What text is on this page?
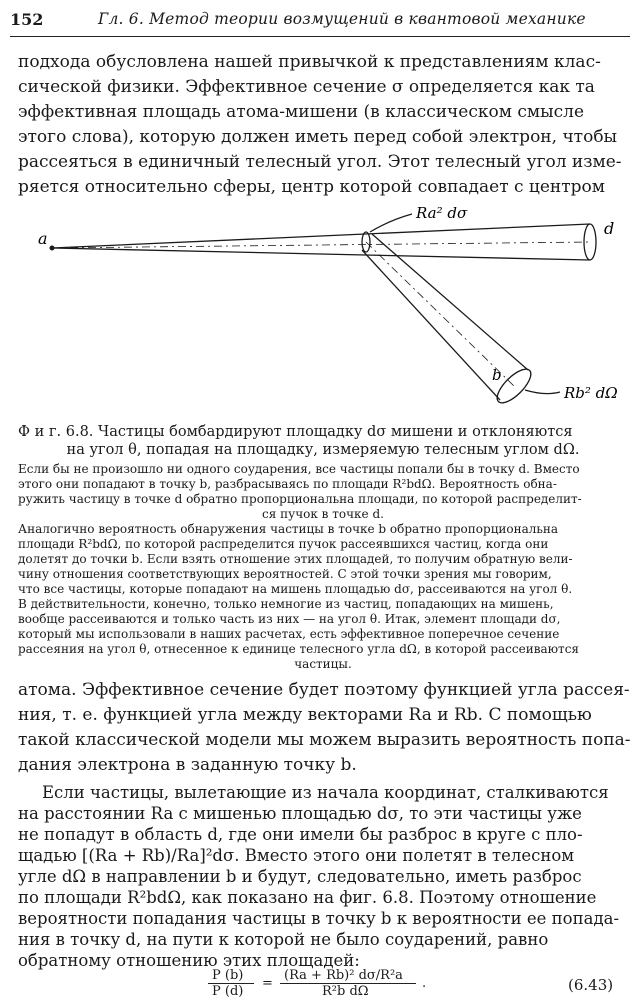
152	Гл. 6. Метод теории возмущений в квантовой механике
подхода обусловлена нашей привычкой к представлениям клас-
сической физики. Эффективное сечение σ определяется как та
эффективная площадь атома-мишени (в классическом смысле
этого слова), которую должен иметь перед собой электрон, чтобы
рассеяться в единичный телесный угол. Этот телесный угол изме-
ряется относительно сферы, центр которой совпадает с центром
a
d
b
Ra² dσ
Rb² dΩ
Ф и г. 6.8. Частицы бомбардируют площадку dσ мишени и отклоняются
на угол θ, попадая на площадку, измеряемую телесным углом dΩ.
Если бы не произошло ни одного соударения, все частицы попали бы в точку d. Вместо
этого они попадают в точку b, разбрасываясь по площади R²bdΩ. Вероятность обна-
ружить частицу в точке d обратно пропорциональна площади, по которой распределит-
ся пучок в точке d.
Аналогично вероятность обнаружения частицы в точке b обратно пропорциональна
площади R²bdΩ, по которой распределится пучок рассеявшихся частиц, когда они
долетят до точки b. Если взять отношение этих площадей, то получим обратную вели-
чину отношения соответствующих вероятностей. С этой точки зрения мы говорим,
что все частицы, которые попадают на мишень площадью dσ, рассеиваются на угол θ.
В действительности, конечно, только немногие из частиц, попадающих на мишень,
вообще рассеиваются и только часть из них — на угол θ. Итак, элемент площади dσ,
который мы использовали в наших расчетах, есть эффективное поперечное сечение
рассеяния на угол θ, отнесенное к единице телесного угла dΩ, в которой рассеиваются
частицы.
атома. Эффективное сечение будет поэтому функцией угла рассея-
ния, т. е. функцией угла между векторами Ra и Rb. С помощью
такой классической модели мы можем выразить вероятность попа-
дания электрона в заданную точку b.
Если частицы, вылетающие из начала координат, сталкиваются
на расстоянии Ra с мишенью площадью dσ, то эти частицы уже
не попадут в область d, где они имели бы разброс в круге с пло-
щадью [(Ra + Rb)/Ra]²dσ. Вместо этого они полетят в телесном
угле dΩ в направлении b и будут, следовательно, иметь разброс
по площади R²bdΩ, как показано на фиг. 6.8. Поэтому отношение
вероятности попадания частицы в точку b к вероятности ее попада-
ния в точку d, на пути к которой не было соударений, равно
обратному отношению этих площадей:
P (b)
P (d)
=
(Ra + Rb)² dσ/R²a
R²b dΩ
.	(6.43)
